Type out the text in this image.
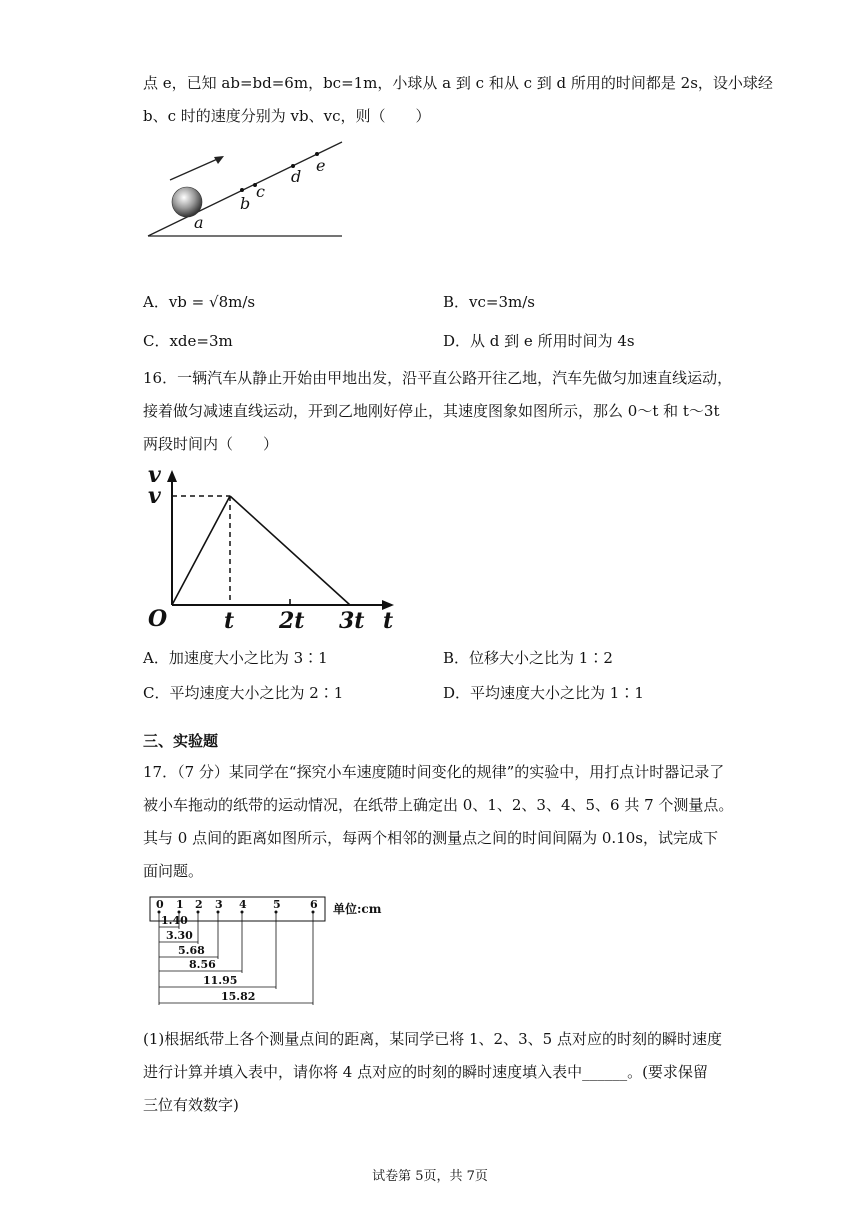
点 e，已知 ab=bd=6m，bc=1m，小球从 a 到 c 和从 c 到 d 所用的时间都是 2s，设小球经
b、c 时的速度分别为 vb、vc，则（　　）
a
b
c
d
e
A．vb = √8m/s	B．vc=3m/s
C．xde=3m	D．从 d 到 e 所用时间为 4s
16．一辆汽车从静止开始由甲地出发，沿平直公路开往乙地，汽车先做匀加速直线运动，
接着做匀减速直线运动，开到乙地刚好停止，其速度图象如图所示，那么 0～t 和 t～3t
两段时间内（　　）
v
v
O	t 2t 3t t
A．加速度大小之比为 3∶1	B．位移大小之比为 1∶2
C．平均速度大小之比为 2∶1	D．平均速度大小之比为 1∶1
三、实验题
17．（7 分）某同学在“探究小车速度随时间变化的规律”的实验中，用打点计时器记录了
被小车拖动的纸带的运动情况，在纸带上确定出 0、1、2、3、4、5、6 共 7 个测量点。
其与 0 点间的距离如图所示，每两个相邻的测量点之间的时间间隔为 0.10s，试完成下
面问题。
0 1 2 3 4 5	6
1.40
3.30
5.68
8.56
11.95
15.82
单位:cm
(1)根据纸带上各个测量点间的距离，某同学已将 1、2、3、5 点对应的时刻的瞬时速度
进行计算并填入表中，请你将 4 点对应的时刻的瞬时速度填入表中______。(要求保留
三位有效数字)
试卷第 5页，共 7页
